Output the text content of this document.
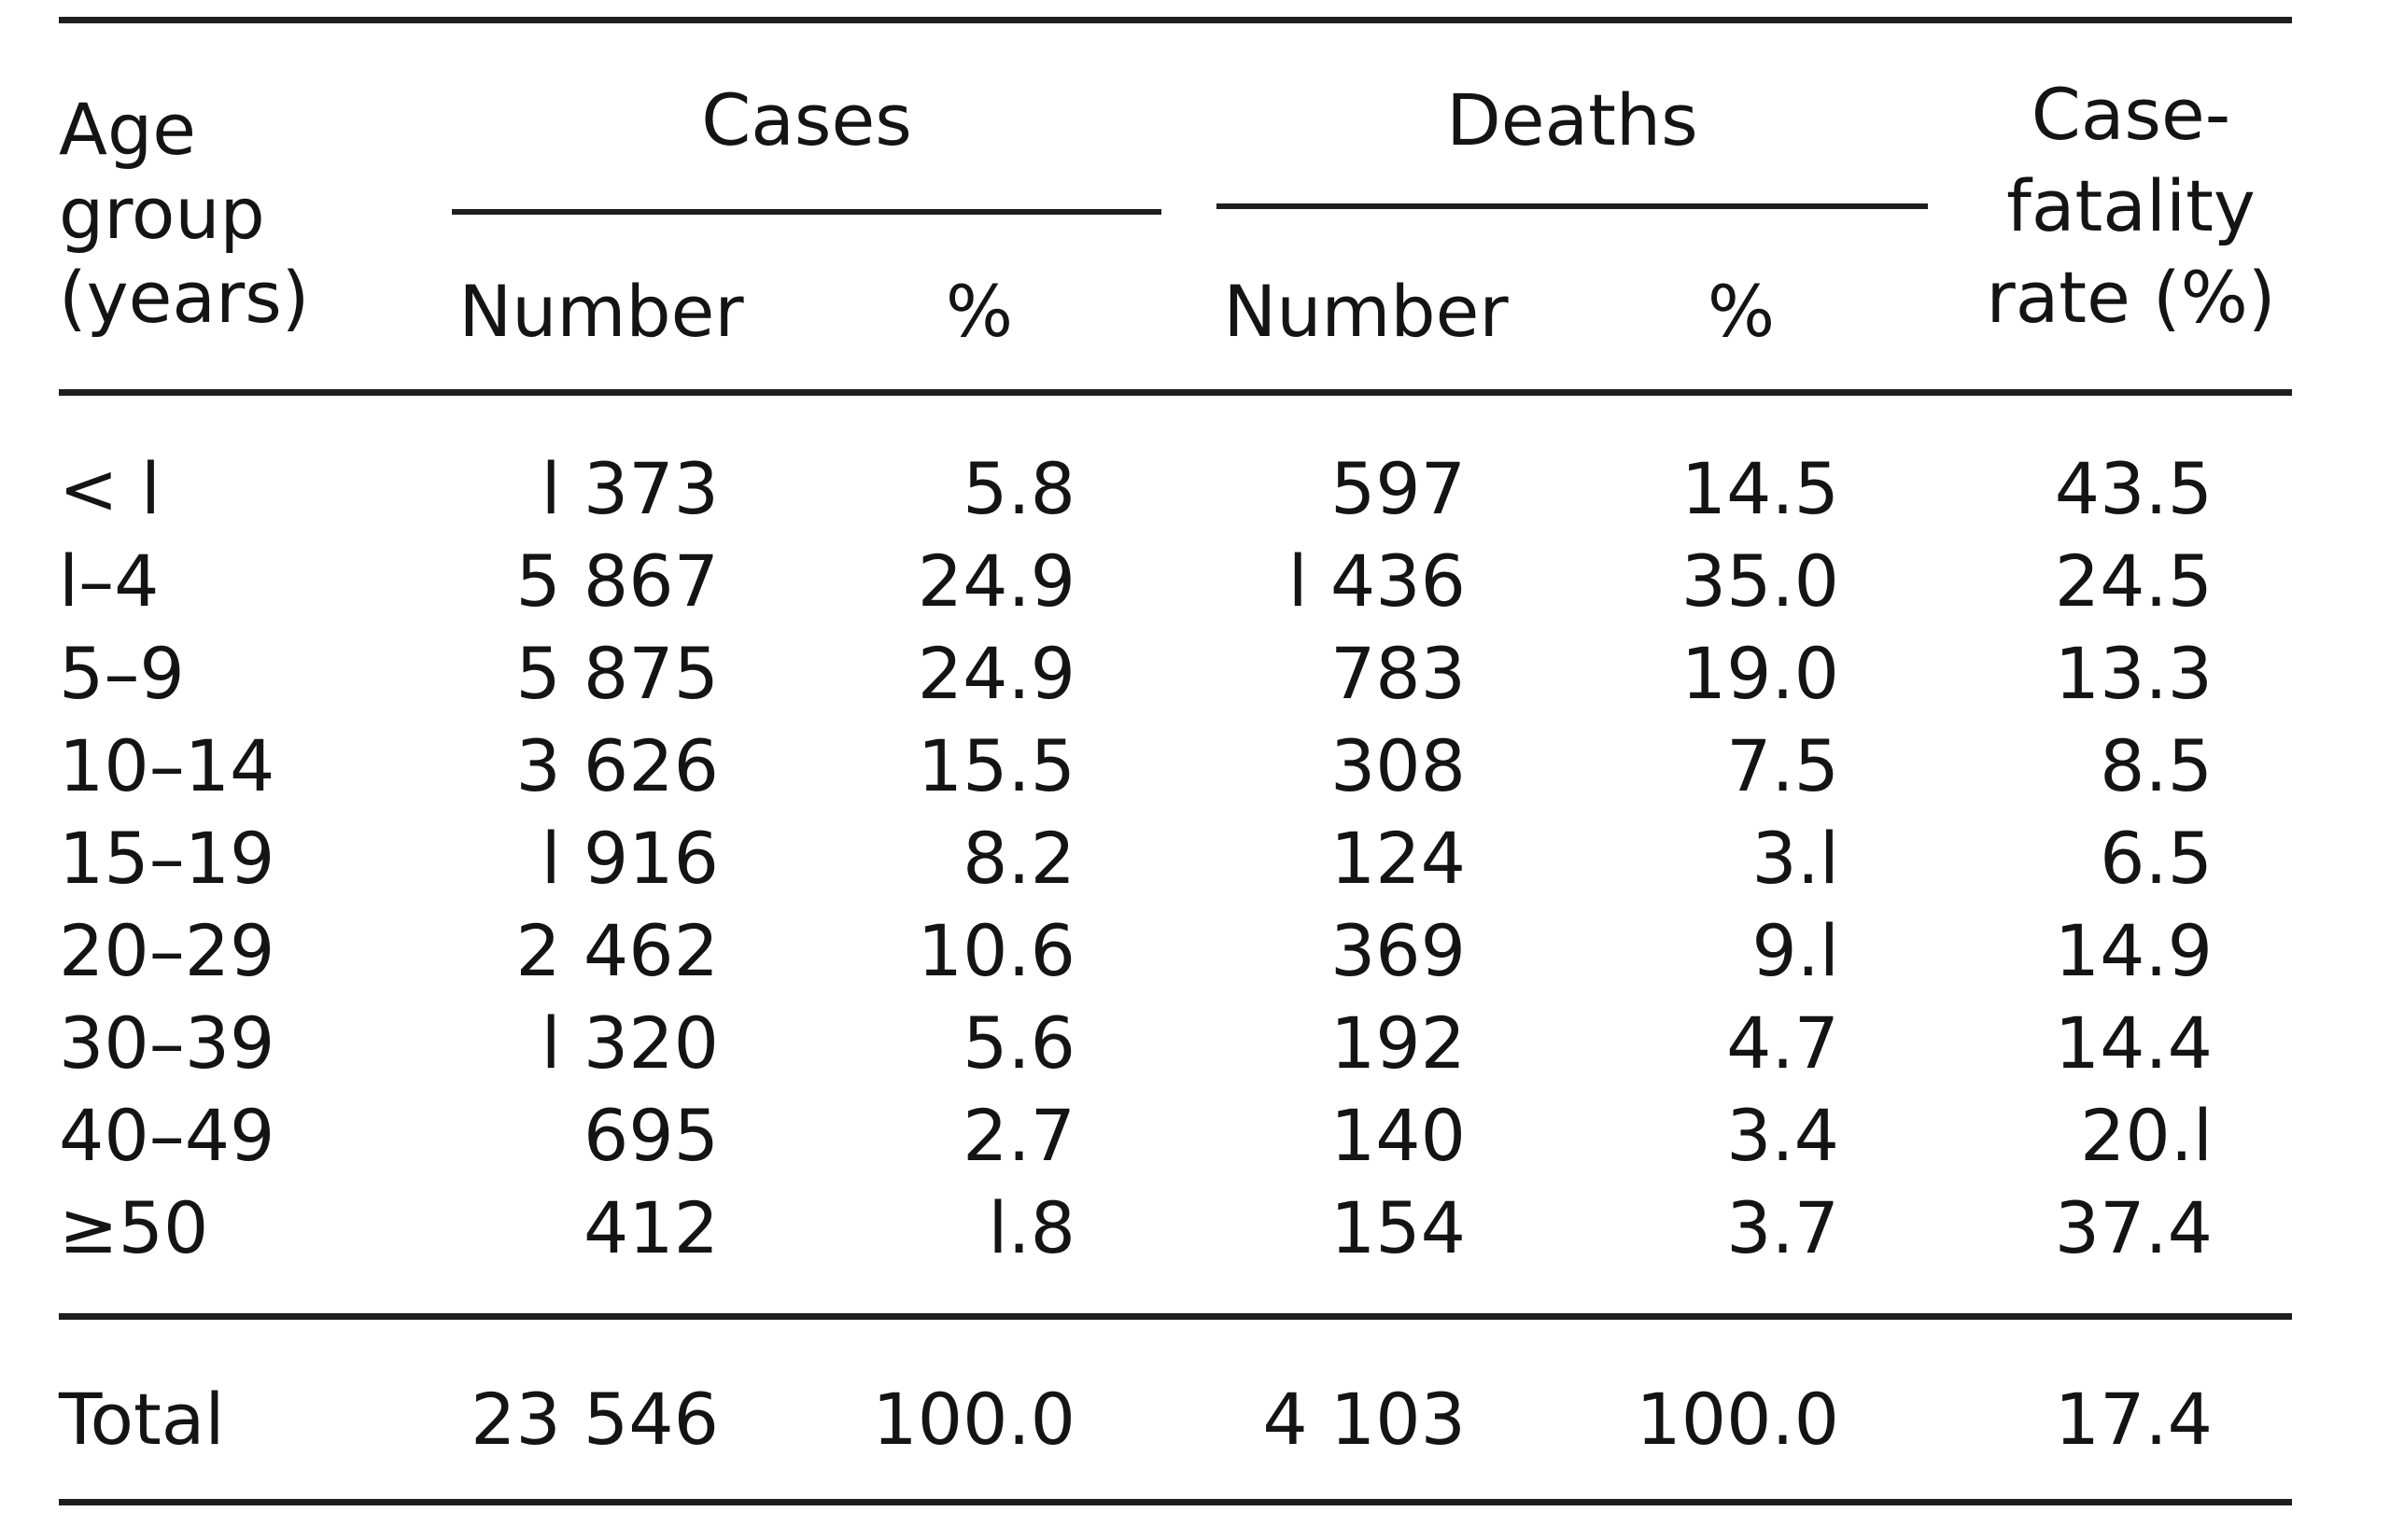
Age
group
(years)
Cases	Deaths	Case-
fatality
rate (%)
Number	%	Number	%
< l	l 373	5.8	597	14.5	43.5
l–4	5 867	24.9	l 436	35.0	24.5
5–9	5 875	24.9	783	19.0	13.3
10–14	3 626	15.5	308	7.5	8.5
15–19	l 916	8.2	124	3.l	6.5
20–29	2 462	10.6	369	9.l	14.9
30–39	l 320	5.6	192	4.7	14.4
40–49	695	2.7	140	3.4	20.l
≥50	412	l.8	154	3.7	37.4
Total	23 546	100.0	4 103	100.0	17.4
